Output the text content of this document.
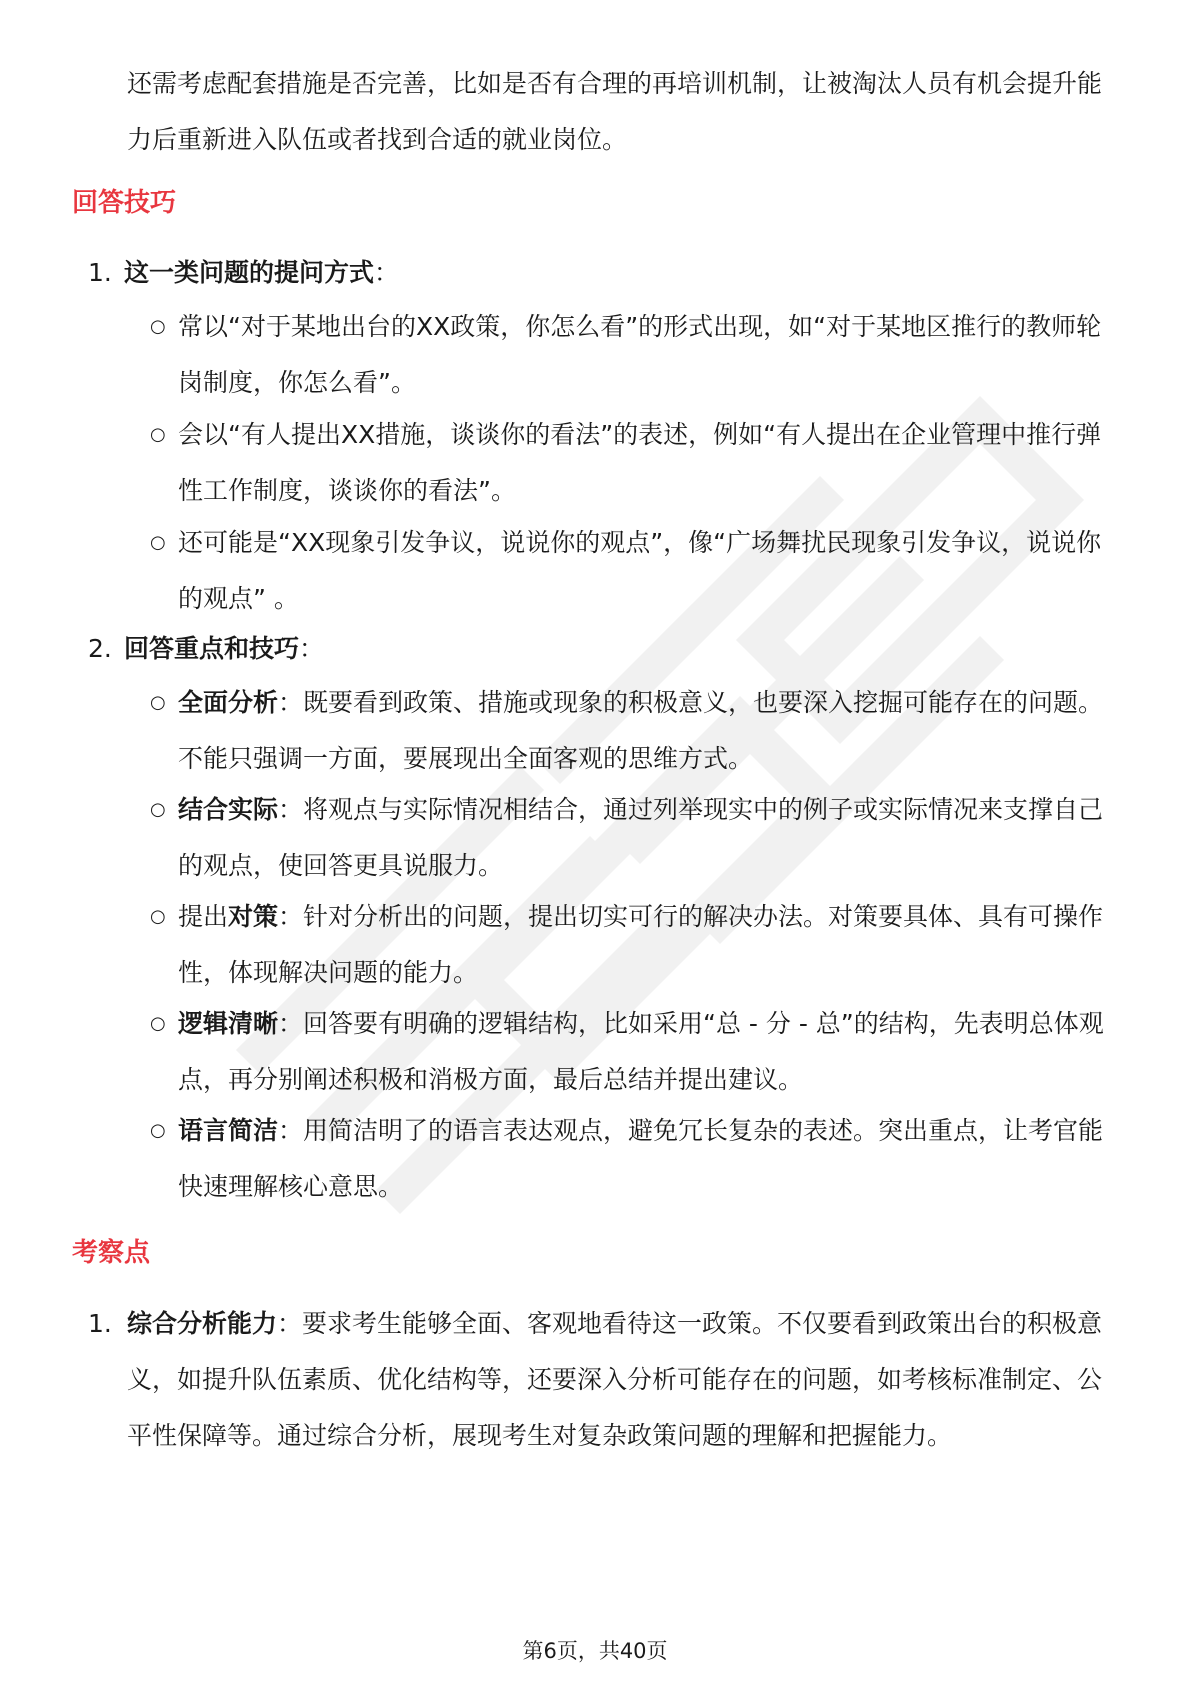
还需考虑配套措施是否完善，比如是否有合理的再培训机制，让被淘汰人员有机会提升能力后重新进入队伍或者找到合适的就业岗位。

回答技巧
1. 这一类问题的提问方式：
○ 常以“对于某地出台的XX政策，你怎么看”的形式出现，如“对于某地区推行的教师轮岗制度，你怎么看”。
○ 会以“有人提出XX措施，谈谈你的看法”的表述，例如“有人提出在企业管理中推行弹性工作制度，谈谈你的看法”。
○ 还可能是“XX现象引发争议，说说你的观点”，像“广场舞扰民现象引发争议，说说你的观点” 。
2. 回答重点和技巧：
○ 全面分析：既要看到政策、措施或现象的积极意义，也要深入挖掘可能存在的问题。不能只强调一方面，要展现出全面客观的思维方式。
○ 结合实际：将观点与实际情况相结合，通过列举现实中的例子或实际情况来支撑自己的观点，使回答更具说服力。
○ 提出对策：针对分析出的问题，提出切实可行的解决办法。对策要具体、具有可操作性，体现解决问题的能力。
○ 逻辑清晰：回答要有明确的逻辑结构，比如采用“总 - 分 - 总”的结构，先表明总体观点，再分别阐述积极和消极方面，最后总结并提出建议。
○ 语言简洁：用简洁明了的语言表达观点，避免冗长复杂的表述。突出重点，让考官能快速理解核心意思。
考察点
1. 综合分析能力：要求考生能够全面、客观地看待这一政策。不仅要看到政策出台的积极意义，如提升队伍素质、优化结构等，还要深入分析可能存在的问题，如考核标准制定、公平性保障等。通过综合分析，展现考生对复杂政策问题的理解和把握能力。
第6页，共40页
